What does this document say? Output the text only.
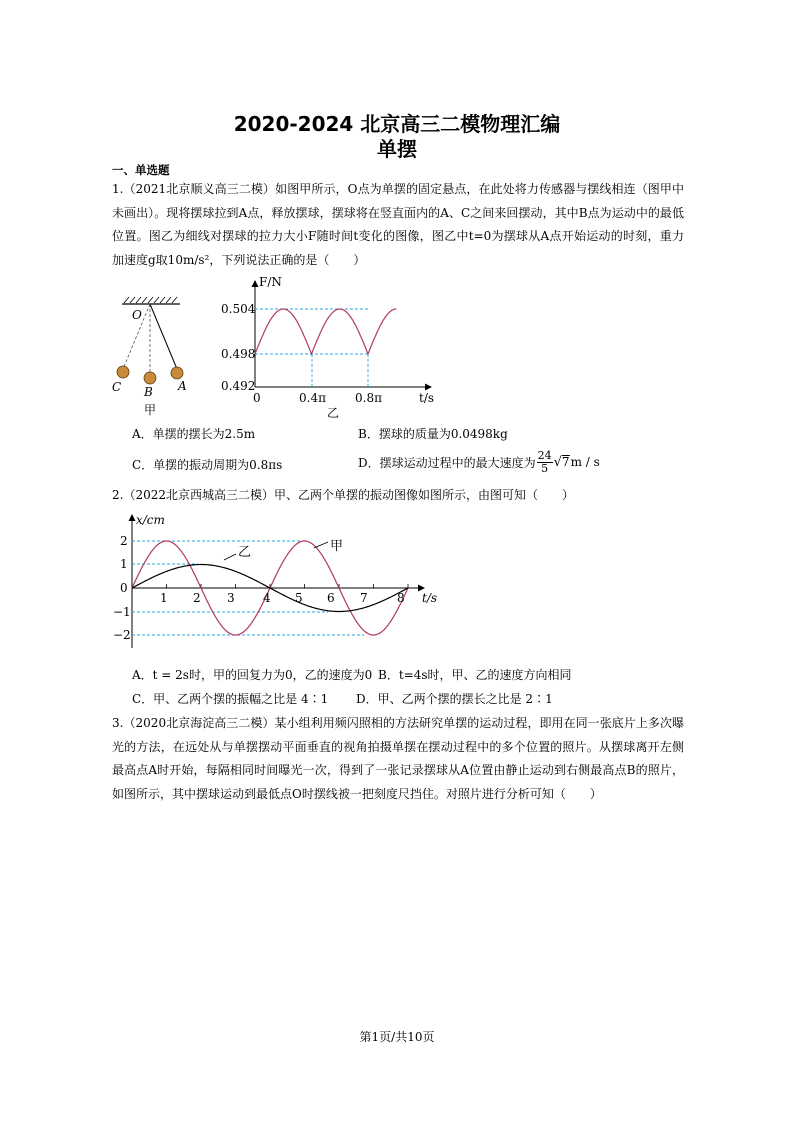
2020-2024 北京高三二模物理汇编
单摆
一、单选题
1.（2021北京顺义高三二模）如图甲所示，O点为单摆的固定悬点，在此处将力传感器与摆线相连（图甲中未画出）。现将摆球拉到A点，释放摆球，摆球将在竖直面内的A、C之间来回摆动，其中B点为运动中的最低位置。图乙为细线对摆球的拉力大小F随时间t变化的图像，图乙中t=0为摆球从A点开始运动的时刻，重力加速度g取10m/s²，下列说法正确的是（　　）
O
C B A
甲
F/N
0.504
0.498
0.492
0	0.4π 0.8π	t/s
乙
A．单摆的摆长为2.5m	B．摆球的质量为0.0498kg
C．单摆的振动周期为0.8πs	D．摆球运动过程中的最大速度为 $\frac{24}{5}$ √ 7 m / s
2.（2022北京西城高三二模）甲、乙两个单摆的振动图像如图所示，由图可知（　　）
x/cm
2
1
0
−1
−2
1 2 3 4 5 6 7 8 t/s
乙	甲
A．t = 2s时，甲的回复力为0，乙的速度为0 B．t=4s时，甲、乙的速度方向相同
C．甲、乙两个摆的振幅之比是 4∶1 D．甲、乙两个摆的摆长之比是 2∶1
3.（2020北京海淀高三二模）某小组利用频闪照相的方法研究单摆的运动过程，即用在同一张底片上多次曝光的方法，在远处从与单摆摆动平面垂直的视角拍摄单摆在摆动过程中的多个位置的照片。从摆球离开左侧最高点A时开始，每隔相同时间曝光一次，得到了一张记录摆球从A位置由静止运动到右侧最高点B的照片，如图所示，其中摆球运动到最低点O时摆线被一把刻度尺挡住。对照片进行分析可知（　　）
第1页/共10页
